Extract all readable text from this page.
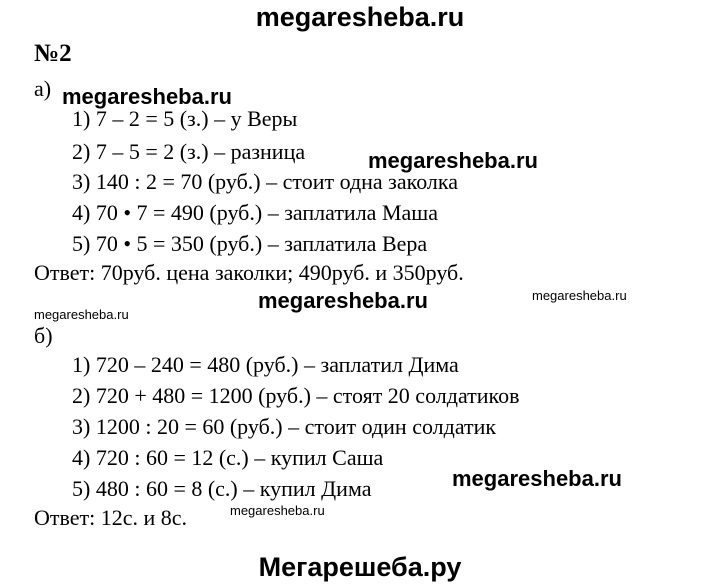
megaresheba.ru
№2
а) megaresheba.ru
1) 7 – 2 = 5 (з.) – у Веры
2) 7 – 5 = 2 (з.) – разница	megaresheba.ru
3) 140 : 2 = 70 (руб.) – стоит одна заколка
4) 70 • 7 = 490 (руб.) – заплатила Маша
5) 70 • 5 = 350 (руб.) – заплатила Вера
Ответ: 70руб. цена заколки; 490руб. и 350руб.
megaresheba.ru	megaresheba.ru
megaresheba.ru
б)
1) 720 – 240 = 480 (руб.) – заплатил Дима
2) 720 + 480 = 1200 (руб.) – стоят 20 солдатиков
3) 1200 : 20 = 60 (руб.) – стоит один солдатик
4) 720 : 60 = 12 (с.) – купил Саша
megaresheba.ru
5) 480 : 60 = 8 (с.) – купил Дима
Ответ: 12с. и 8с.	megaresheba.ru
Мегарешеба.ру
